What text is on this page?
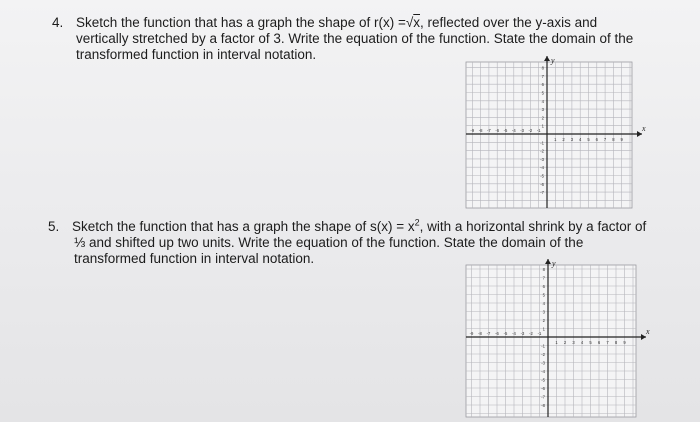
4. Sketch the function that has a graph the shape of r(x) =√x, reflected over the y-axis and
vertically stretched by a factor of 3. Write the equation of the function. State the domain of the
transformed function in interval notation.
5. Sketch the function that has a graph the shape of $s(x) = x^2$, with a horizontal shrink by a factor of
⅓ and shifted up two units. Write the equation of the function. State the domain of the
transformed function in interval notation.
x
y
-9 -8 -7 -6 -5 -4 -3 -2 -1
1 2 3 4 5 6 7 8 9
8
7
6
5
4
3
2
1
-1
-2
-3
-4
-5
-6
-7
x
y
-9 -8 -7 -6 -5 -4 -3 -2 -1
1 2 3 4 5 6 7 8 9
8
7
6
5
4
3
2
1
-1
-2
-3
-4
-5
-6
-7
-8
